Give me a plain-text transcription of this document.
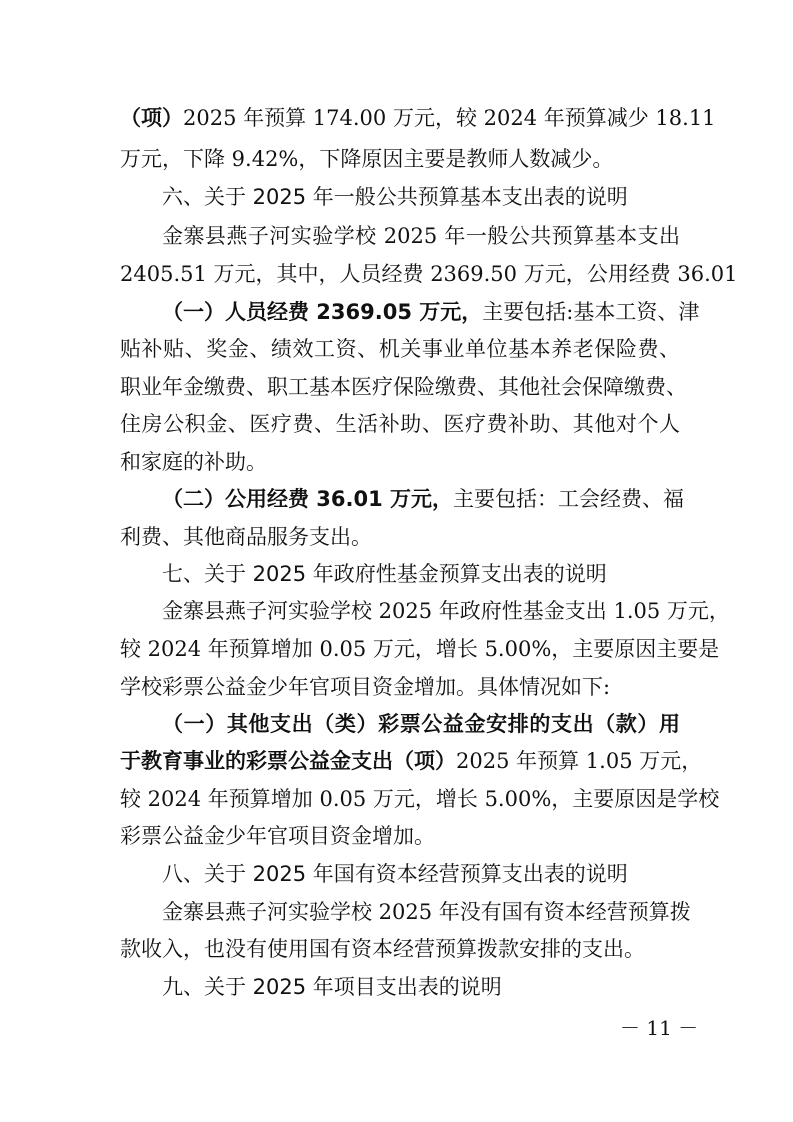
（项）2025 年预算 174.00 万元，较 2024 年预算减少 18.11
万元，下降 9.42%，下降原因主要是教师人数减少。
六、关于 2025 年一般公共预算基本支出表的说明
金寨县燕子河实验学校 2025 年一般公共预算基本支出
2405.51 万元，其中，人员经费 2369.50 万元，公用经费 36.01
（一）人员经费 2369.05 万元，主要包括:基本工资、津
贴补贴、奖金、绩效工资、机关事业单位基本养老保险费、
职业年金缴费、职工基本医疗保险缴费、其他社会保障缴费、
住房公积金、医疗费、生活补助、医疗费补助、其他对个人
和家庭的补助。
（二）公用经费 36.01 万元，主要包括：工会经费、福
利费、其他商品服务支出。
七、关于 2025 年政府性基金预算支出表的说明
金寨县燕子河实验学校 2025 年政府性基金支出 1.05 万元，
较 2024 年预算增加 0.05 万元，增长 5.00%，主要原因主要是
学校彩票公益金少年官项目资金增加。具体情况如下:
（一）其他支出（类）彩票公益金安排的支出（款）用
于教育事业的彩票公益金支出（项）2025 年预算 1.05 万元，
较 2024 年预算增加 0.05 万元，增长 5.00%，主要原因是学校
彩票公益金少年官项目资金增加。
八、关于 2025 年国有资本经营预算支出表的说明
金寨县燕子河实验学校 2025 年没有国有资本经营预算拨
款收入，也没有使用国有资本经营预算拨款安排的支出。
九、关于 2025 年项目支出表的说明
－ 11 －
